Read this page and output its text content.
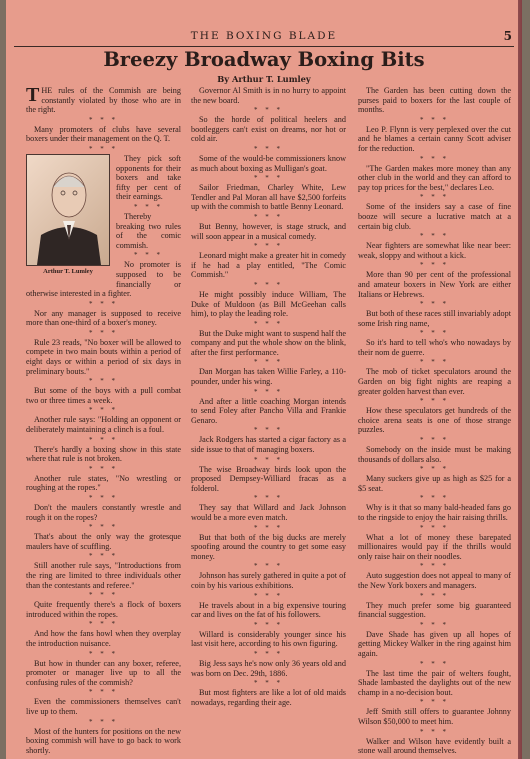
THE BOXING BLADE	5
Breezy Broadway Boxing Bits
By Arthur T. Lumley

THE rules of the Commish are being constantly violated by those who are in the right.

* * *

Many promoters of clubs have several boxers under their management on the Q. T.

* * *
Arthur T. Lumley

They pick soft opponents for their boxers and take fifty per cent of their earnings.

* * *

Thereby breaking two rules of the comic commish.

* * *

No promoter is supposed to be financially or otherwise interested in a fighter.

* * *

Nor any manager is supposed to receive more than one-third of a boxer's money.

* * *

Rule 23 reads, "No boxer will be allowed to compete in two main bouts within a period of eight days or within a period of six days in preliminary bouts."

* * *

But some of the boys with a pull combat two or three times a week.

* * *

Another rule says: "Holding an opponent or deliberately maintaining a clinch is a foul.

* * *

There's hardly a boxing show in this state where that rule is not broken.

* * *

Another rule states, "No wrestling or roughing at the ropes."

* * *

Don't the maulers constantly wrestle and rough it on the ropes?

* * *

That's about the only way the grotesque maulers have of scuffling.

* * *

Still another rule says, "Introductions from the ring are limited to three individuals other than the contestants and referee."

* * *

Quite frequently there's a flock of boxers introduced within the ropes.

* * *

And how the fans howl when they overplay the introduction nuisance.

* * *

But how in thunder can any boxer, referee, promoter or manager live up to all the confusing rules of the commish?

* * *

Even the commissioners themselves can't live up to them.

* * *

Most of the hunters for positions on the new boxing commish will have to go back to work shortly.

Governor Al Smith is in no hurry to appoint the new board.

* * *

So the horde of political heelers and bootleggers can't exist on dreams, nor hot or cold air.

* * *

Some of the would-be commissioners know as much about boxing as Mulligan's goat.

* * *

Sailor Friedman, Charley White, Lew Tendler and Pal Moran all have $2,500 forfeits up with the commish to battle Benny Leonard.

* * *

But Benny, however, is stage struck, and will soon appear in a musical comedy.

* * *

Leonard might make a greater hit in comedy if he had a play entitled, "The Comic Commish."

* * *

He might possibly induce William, The Duke of Muldoon (as Bill McGeehan calls him), to play the leading role.

* * *

But the Duke might want to suspend half the company and put the whole show on the blink, after the first performance.

* * *

Dan Morgan has taken Willie Farley, a 110-pounder, under his wing.

* * *

And after a little coaching Morgan intends to send Foley after Pancho Villa and Frankie Genaro.

* * *

Jack Rodgers has started a cigar factory as a side issue to that of managing boxers.

* * *

The wise Broadway birds look upon the proposed Dempsey-Williard fracas as a folderol.

* * *

They say that Willard and Jack Johnson would be a more even match.

* * *

But that both of the big ducks are merely spoofing around the country to get some easy money.

* * *

Johnson has surely gathered in quite a pot of coin by his various exhibitions.

* * *

He travels about in a big expensive touring car and lives on the fat of his followers.

* * *

Willard is considerably younger since his last visit here, according to his own figuring.

* * *

Big Jess says he's now only 36 years old and was born on Dec. 29th, 1886.

* * *

But most fighters are like a lot of old maids nowadays, regarding their age.

The Garden has been cutting down the purses paid to boxers for the last couple of months.

* * *

Leo P. Flynn is very perplexed over the cut and he blames a certain canny Scott adviser for the reduction.

* * *

"The Garden makes more money than any other club in the world and they can afford to pay top prices for the best," declares Leo.

* * *

Some of the insiders say a case of fine booze will secure a lucrative match at a certain big club.

* * *

Near fighters are somewhat like near beer: weak, sloppy and without a kick.

* * *

More than 90 per cent of the professional and amateur boxers in New York are either Italians or Hebrews.

* * *

But both of these races still invariably adopt some Irish ring name,

* * *

So it's hard to tell who's who nowadays by their nom de guerre.

* * *

The mob of ticket speculators around the Garden on big fight nights are reaping a greater golden harvest than ever.

* * *

How these speculators get hundreds of the choice arena seats is one of those strange puzzles.

* * *

Somebody on the inside must be making thousands of dollars also.

* * *

Many suckers give up as high as $25 for a $5 seat.

* * *

Why is it that so many bald-headed fans go to the ringside to enjoy the hair raising thrills.

* * *

What a lot of money these barepated millionaires would pay if the thrills would only raise hair on their noodles.

* * *

Auto suggestion does not appeal to many of the New York boxers and managers.

* * *

They much prefer some big guaranteed financial suggestion.

* * *

Dave Shade has given up all hopes of getting Mickey Walker in the ring against him again.

* * *

The last time the pair of welters fought, Shade lambasted the daylights out of the new champ in a no-decision bout.

* * *

Jeff Smith still offers to guarantee Johnny Wilson $50,000 to meet him.

* * *

Walker and Wilson have evidently built a stone wall around themselves.
